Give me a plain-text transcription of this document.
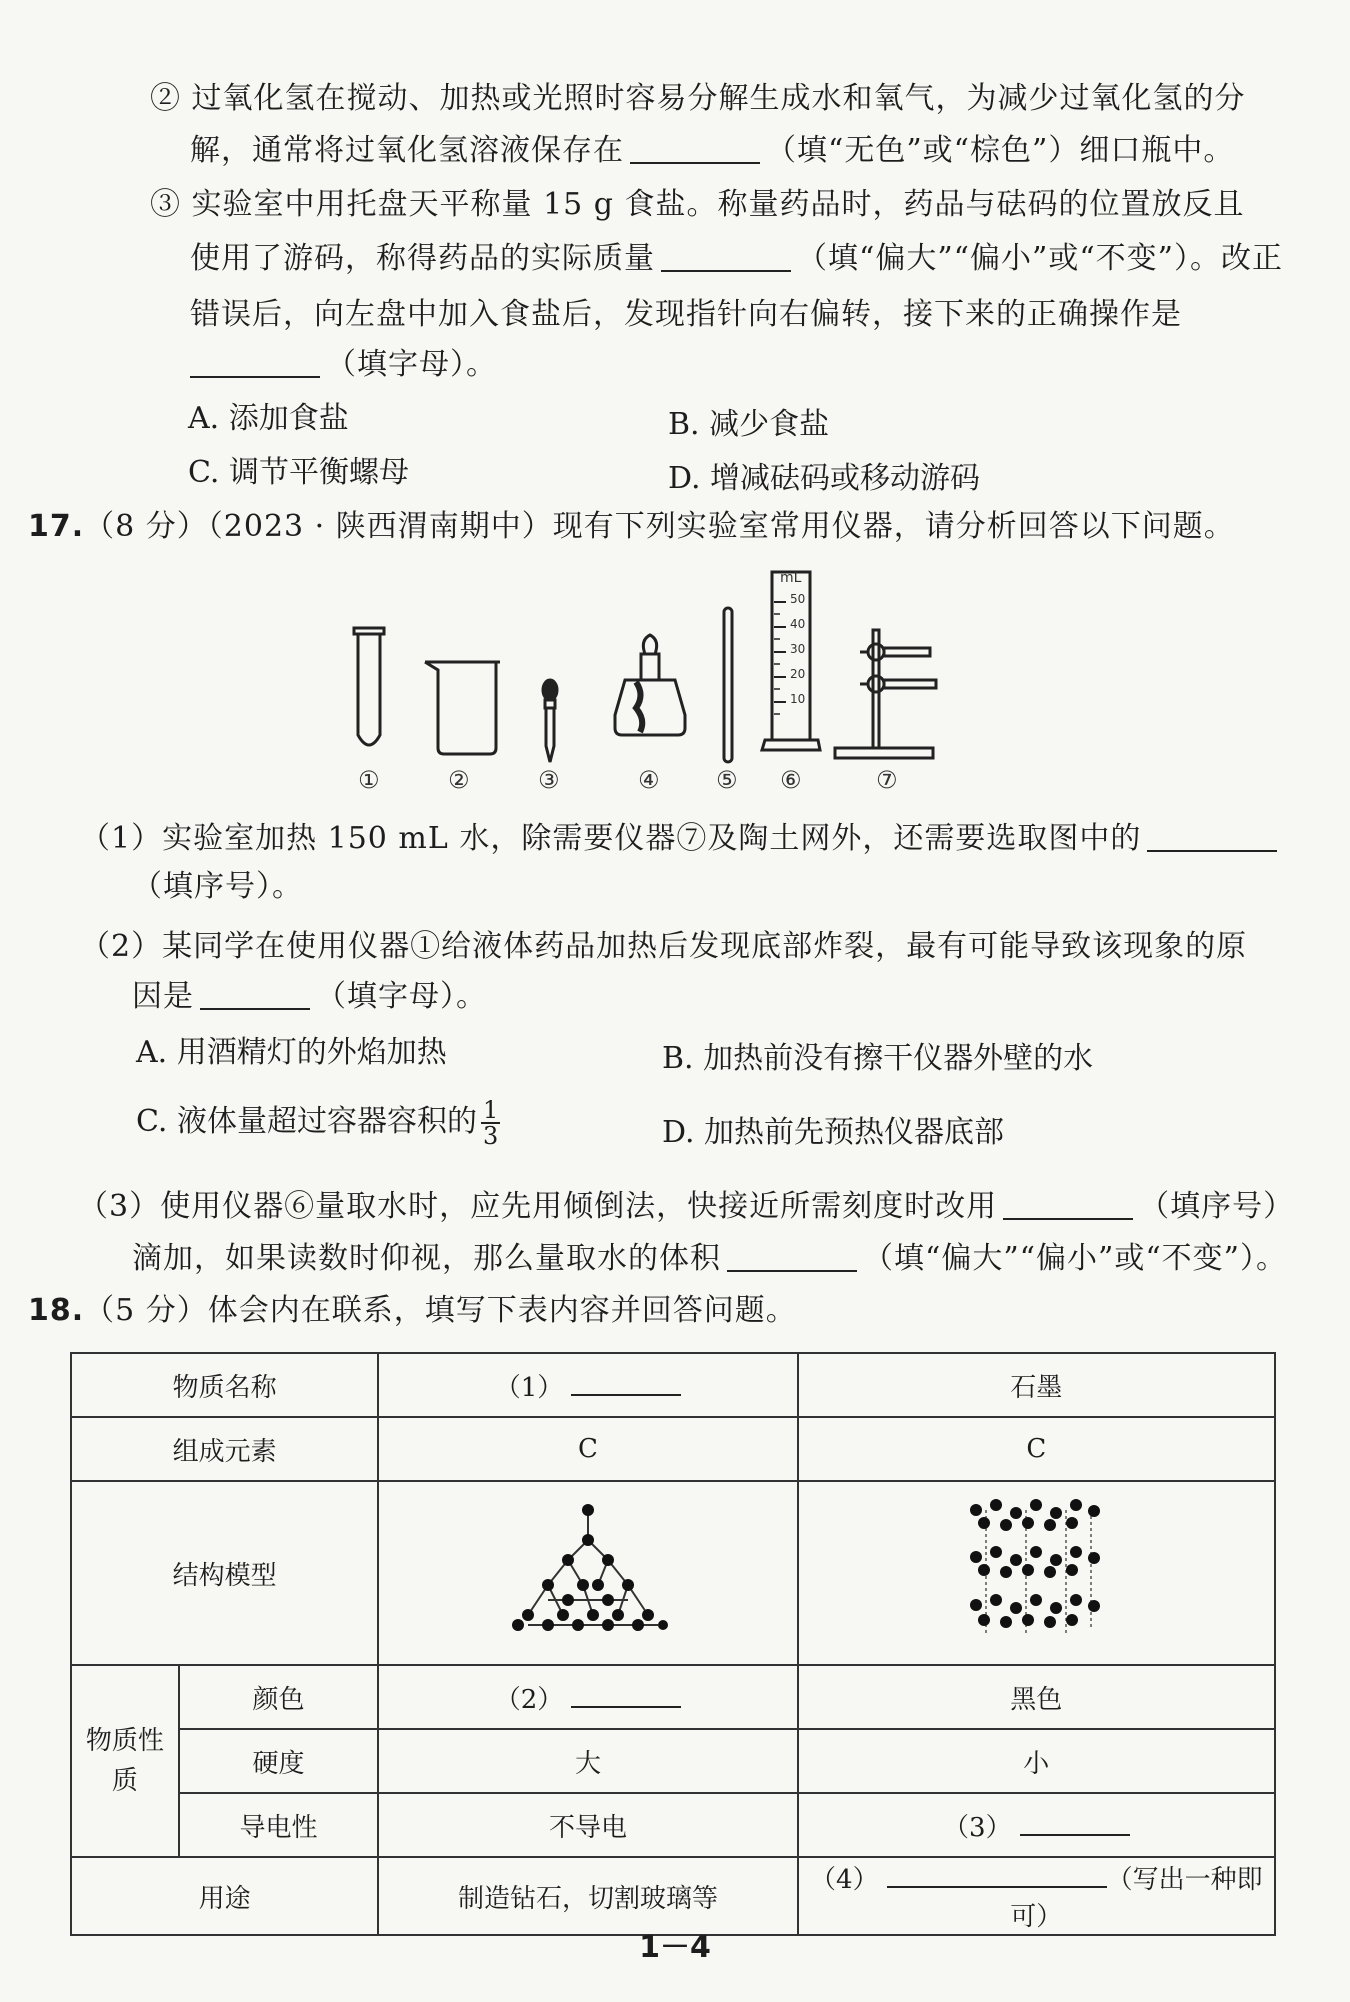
② 过氧化氢在搅动、加热或光照时容易分解生成水和氧气，为减少过氧化氢的分
解，通常将过氧化氢溶液保存在	（填“无色”或“棕色”）细口瓶中。
③ 实验室中用托盘天平称量 15 g 食盐。称量药品时，药品与砝码的位置放反且
使用了游码，称得药品的实际质量	（填“偏大”“偏小”或“不变”）。改正
错误后，向左盘中加入食盐后，发现指针向右偏转，接下来的正确操作是
（填字母）。
A. 添加食盐	B. 减少食盐
C. 调节平衡螺母	D. 增减砝码或移动游码
17.（8 分）（2023 · 陕西渭南期中）现有下列实验室常用仪器，请分析回答以下问题。
mL
50
40
30
20
10
①	②	③	④ ⑤ ⑥	⑦
（1）实验室加热 150 mL 水，除需要仪器⑦及陶土网外，还需要选取图中的
（填序号）。
（2）某同学在使用仪器①给液体药品加热后发现底部炸裂，最有可能导致该现象的原
因是	（填字母）。
A. 用酒精灯的外焰加热	B. 加热前没有擦干仪器外壁的水
C. 液体量超过容器容积的 $\frac{1}{3}$	D. 加热前先预热仪器底部
（3）使用仪器⑥量取水时，应先用倾倒法，快接近所需刻度时改用	（填序号）
滴加，如果读数时仰视，那么量取水的体积	（填“偏大”“偏小”或“不变”）。
18.（5 分）体会内在联系，填写下表内容并回答问题。
物质名称		（1）	石墨
组成元素		C	C
结构模型		
物质性质	颜色	（2）	黑色
	硬度	大	小
	导电性	不导电	（3）
用途		制造钻石，切割玻璃等	（4） （写出一种即可）
1－4
